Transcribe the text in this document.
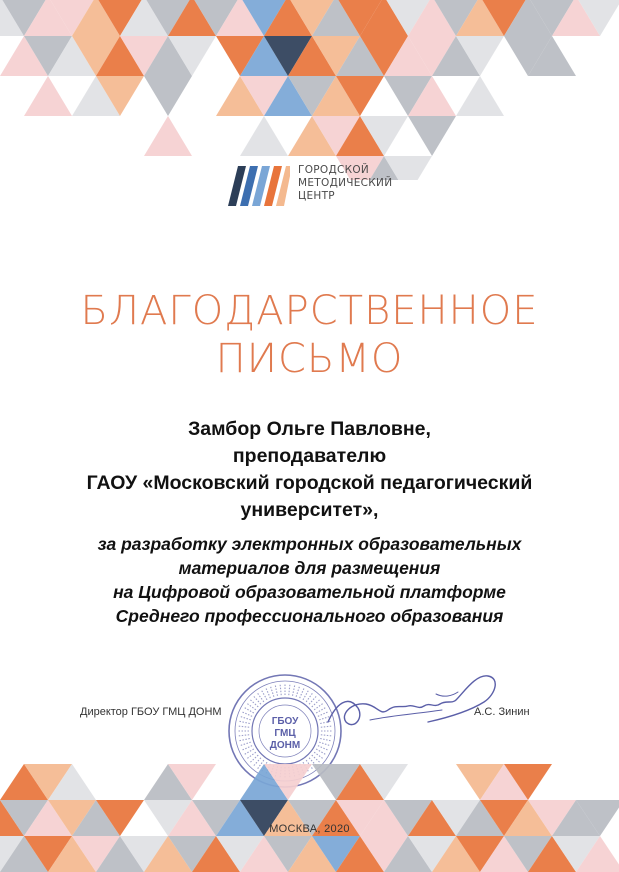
ГОРОДСКОЙ
МЕТОДИЧЕСКИЙ
ЦЕНТР
БЛАГОДАРСТВЕННОЕ
ПИСЬМО
Замбор Ольге Павловне,
преподавателю
ГАОУ «Московский городской педагогический
университет»,
за разработку электронных образовательных
материалов для размещения
на Цифровой образовательной платформе
Среднего профессионального образования
Директор ГБОУ ГМЦ ДОНМ	А.С. Зинин
ГБОУ
ГМЦ
ДОНМ
МОСКВА, 2020
